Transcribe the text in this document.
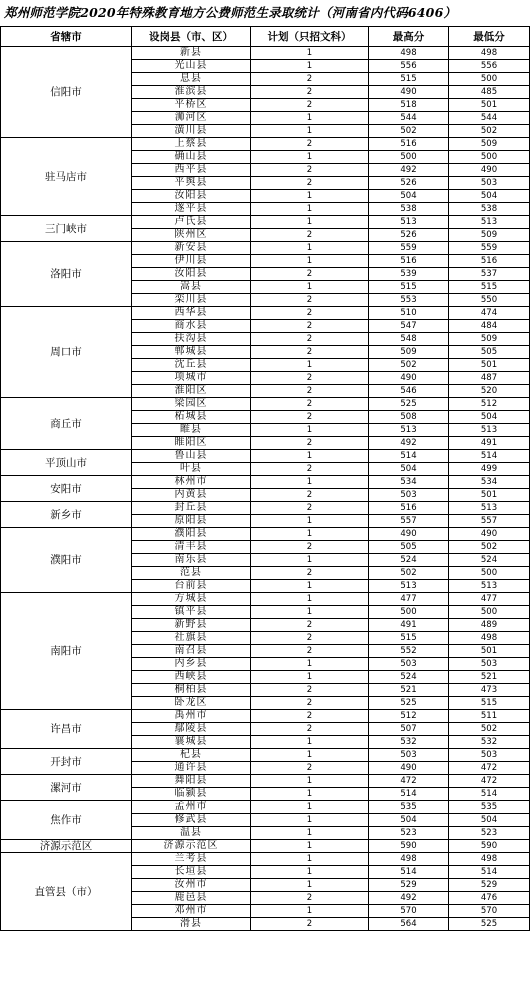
郑州师范学院2020年特殊教育地方公费师范生录取统计（河南省内代码6406）
省辖市	设岗县（市、区）	计划（只招文科）	最高分	最低分
信阳市	新县	1	498	498
	光山县	1	556	556
	息县	2	515	500
	淮滨县	2	490	485
	平桥区	2	518	501
	浉河区	1	544	544
	潢川县	1	502	502
驻马店市	上蔡县	2	516	509
	确山县	1	500	500
	西平县	2	492	490
	平舆县	2	526	503
	汝阳县	1	504	504
	遂平县	1	538	538
三门峡市	卢氏县	1	513	513
	陕州区	2	526	509
洛阳市	新安县	1	559	559
	伊川县	1	516	516
	汝阳县	2	539	537
	嵩县	1	515	515
	栾川县	2	553	550
周口市	西华县	2	510	474
	商水县	2	547	484
	扶沟县	2	548	509
	郸城县	2	509	505
	沈丘县	1	502	501
	项城市	2	490	487
	淮阳区	2	546	520
商丘市	梁园区	2	525	512
	柘城县	2	508	504
	睢县	1	513	513
	睢阳区	2	492	491
平顶山市	鲁山县	1	514	514
	叶县	2	504	499
安阳市	林州市	1	534	534
	内黄县	2	503	501
新乡市	封丘县	2	516	513
	原阳县	1	557	557
濮阳市	濮阳县	1	490	490
	清丰县	2	505	502
	南乐县	1	524	524
	范县	2	502	500
	台前县	1	513	513
南阳市	方城县	1	477	477
	镇平县	1	500	500
	新野县	2	491	489
	社旗县	2	515	498
	南召县	2	552	501
	内乡县	1	503	503
	西峡县	1	524	521
	桐柏县	2	521	473
	卧龙区	2	525	515
许昌市	禹州市	2	512	511
	鄢陵县	2	507	502
	襄城县	1	532	532
开封市	杞县	1	503	503
	通许县	2	490	472
漯河市	舞阳县	1	472	472
	临颍县	1	514	514
焦作市	孟州市	1	535	535
	修武县	1	504	504
	温县	1	523	523
济源示范区	济源示范区	1	590	590
直管县（市）	兰考县	1	498	498
	长垣县	1	514	514
	汝州市	1	529	529
	鹿邑县	2	492	476
	邓州市	1	570	570
	滑县	2	564	525
